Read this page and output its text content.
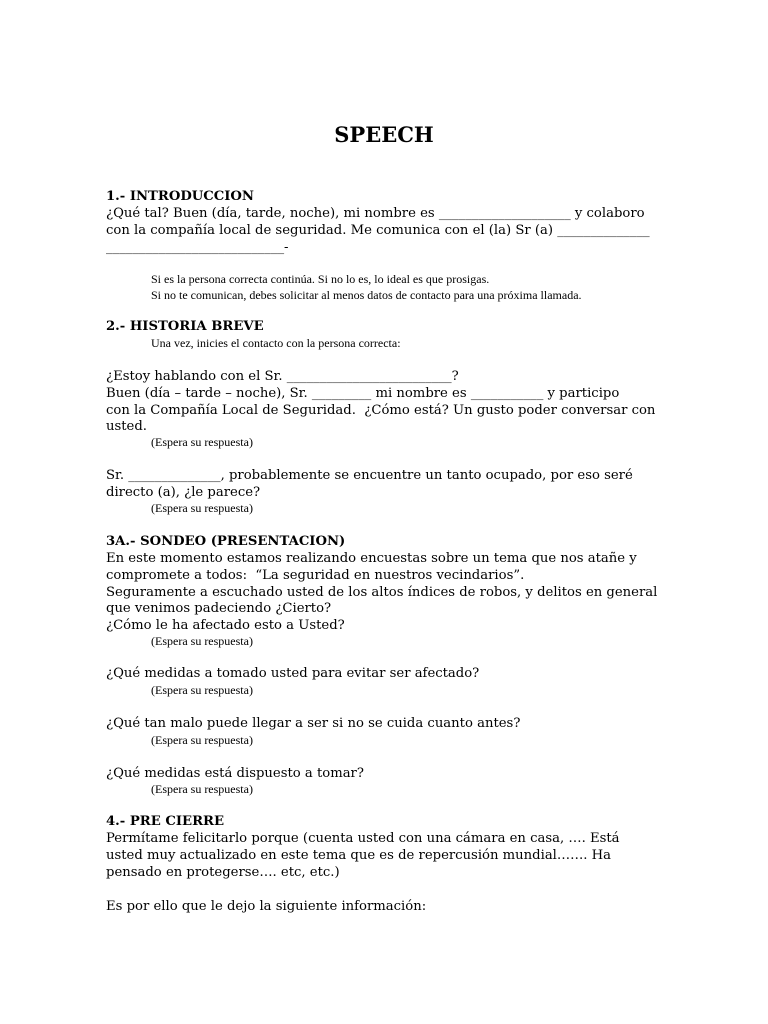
SPEECH
1.- INTRODUCCION
¿Qué tal? Buen (día, tarde, noche), mi nombre es ____________________ y colaboro
con la compañía local de seguridad. Me comunica con el (la) Sr (a) ______________
___________________________-
Si es la persona correcta continúa. Si no lo es, lo ideal es que prosigas.
Si no te comunican, debes solicitar al menos datos de contacto para una próxima llamada.
2.- HISTORIA BREVE
Una vez, inicies el contacto con la persona correcta:
¿Estoy hablando con el Sr. _________________________?
Buen (día – tarde – noche), Sr. _________ mi nombre es ___________ y participo
con la Compañía Local de Seguridad.  ¿Cómo está? Un gusto poder conversar con
usted.
(Espera su respuesta)
Sr. ______________, probablemente se encuentre un tanto ocupado, por eso seré
directo (a), ¿le parece?
(Espera su respuesta)
3A.- SONDEO (PRESENTACION)
En este momento estamos realizando encuestas sobre un tema que nos atañe y
compromete a todos:  “La seguridad en nuestros vecindarios”.
Seguramente a escuchado usted de los altos índices de robos, y delitos en general
que venimos padeciendo ¿Cierto?
¿Cómo le ha afectado esto a Usted?
(Espera su respuesta)
¿Qué medidas a tomado usted para evitar ser afectado?
(Espera su respuesta)
¿Qué tan malo puede llegar a ser si no se cuida cuanto antes?
(Espera su respuesta)
¿Qué medidas está dispuesto a tomar?
(Espera su respuesta)
4.- PRE CIERRE
Permítame felicitarlo porque (cuenta usted con una cámara en casa, …. Está
usted muy actualizado en este tema que es de repercusión mundial……. Ha
pensado en protegerse…. etc, etc.)
Es por ello que le dejo la siguiente información:
